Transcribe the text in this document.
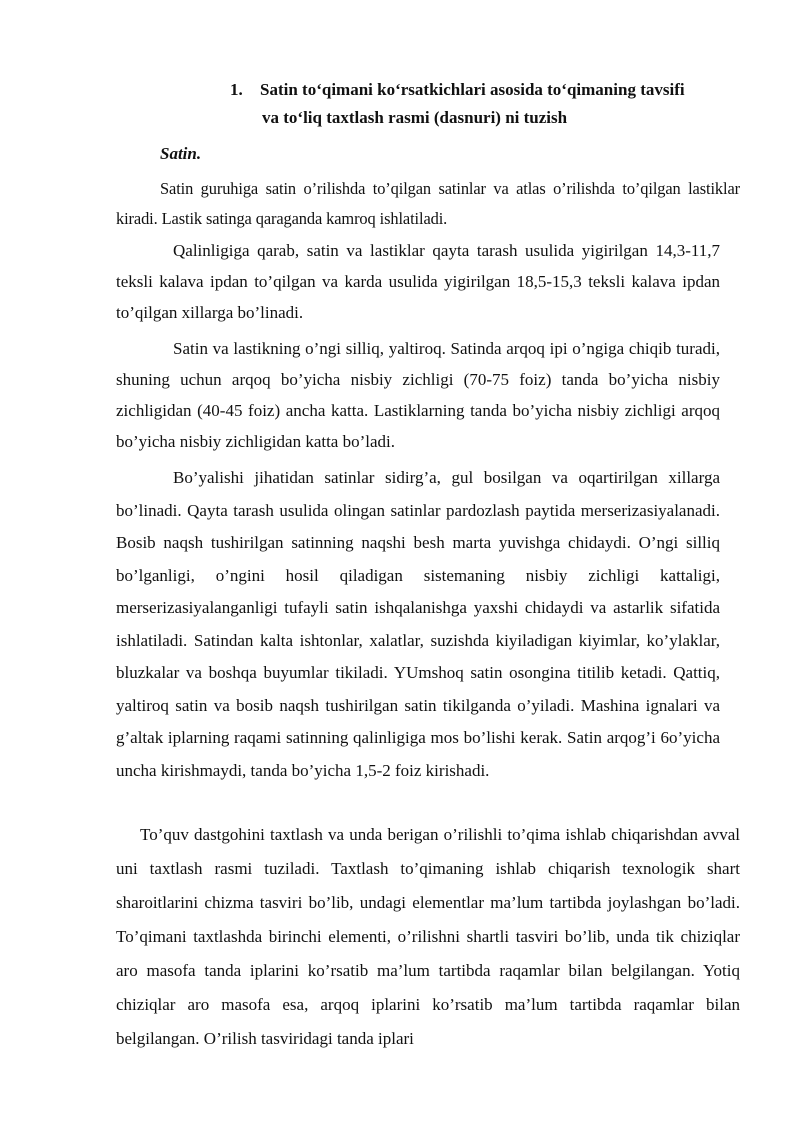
1. Satin to‘qimani ko‘rsatkichlari asosida to‘qimaning tavsifi
va to‘liq taxtlash rasmi (dasnuri) ni tuzish
Satin.

Satin guruhiga satin o’rilishda to’qilgan satinlar va atlas o’rilishda to’qilgan lastiklar kiradi. Lastik satinga qaraganda kamroq ishlatiladi.

Qalinligiga qarab, satin va lastiklar qayta tarash usulida yigirilgan 14,3-11,7 teksli kalava ipdan to’qilgan va karda usulida yigirilgan 18,5-15,3 teksli kalava ipdan to’qilgan xillarga bo’linadi.

Satin va lastikning o’ngi silliq, yaltiroq. Satinda arqoq ipi o’ngiga chiqib turadi, shuning uchun arqoq bo’yicha nisbiy zichligi (70-75 foiz) tanda bo’yicha nisbiy zichligidan (40-45 foiz) ancha katta. Lastiklarning tanda bo’yicha nisbiy zichligi arqoq bo’yicha nisbiy zichligidan katta bo’ladi.

Bo’yalishi jihatidan satinlar sidirg’a, gul bosilgan va oqartirilgan xillarga bo’linadi. Qayta tarash usulida olingan satinlar pardozlash paytida merserizasiyalanadi. Bosib naqsh tushirilgan satinning naqshi besh marta yuvishga chidaydi. O’ngi silliq bo’lganligi, o’ngini hosil qiladigan sistemaning nisbiy zichligi kattaligi, merserizasiyalanganligi tufayli satin ishqalanishga yaxshi chidaydi va astarlik sifatida ishlatiladi. Satindan kalta ishtonlar, xalatlar, suzishda kiyiladigan kiyimlar, ko’ylaklar, bluzkalar va boshqa buyumlar tikiladi. YUmshoq satin osongina titilib ketadi. Qattiq, yaltiroq satin va bosib naqsh tushirilgan satin tikilganda o’yiladi. Mashina ignalari va g’altak iplarning raqami satinning qalinligiga mos bo’lishi kerak. Satin arqog’i 6o’yicha uncha kirishmaydi, tanda bo’yicha 1,5-2 foiz kirishadi.

To’quv dastgohini taxtlash va unda berigan o’rilishli to’qima ishlab chiqarishdan avval uni taxtlash rasmi tuziladi. Taxtlash to’qimaning ishlab chiqarish texnologik shart sharoitlarini chizma tasviri bo’lib, undagi elementlar ma’lum tartibda joylashgan bo’ladi. To’qimani taxtlashda birinchi elementi, o’rilishni shartli tasviri bo’lib, unda tik chiziqlar aro masofa tanda iplarini ko’rsatib ma’lum tartibda raqamlar bilan belgilangan. Yotiq chiziqlar aro masofa esa, arqoq iplarini ko’rsatib ma’lum tartibda raqamlar bilan belgilangan. O’rilish tasviridagi tanda iplari
